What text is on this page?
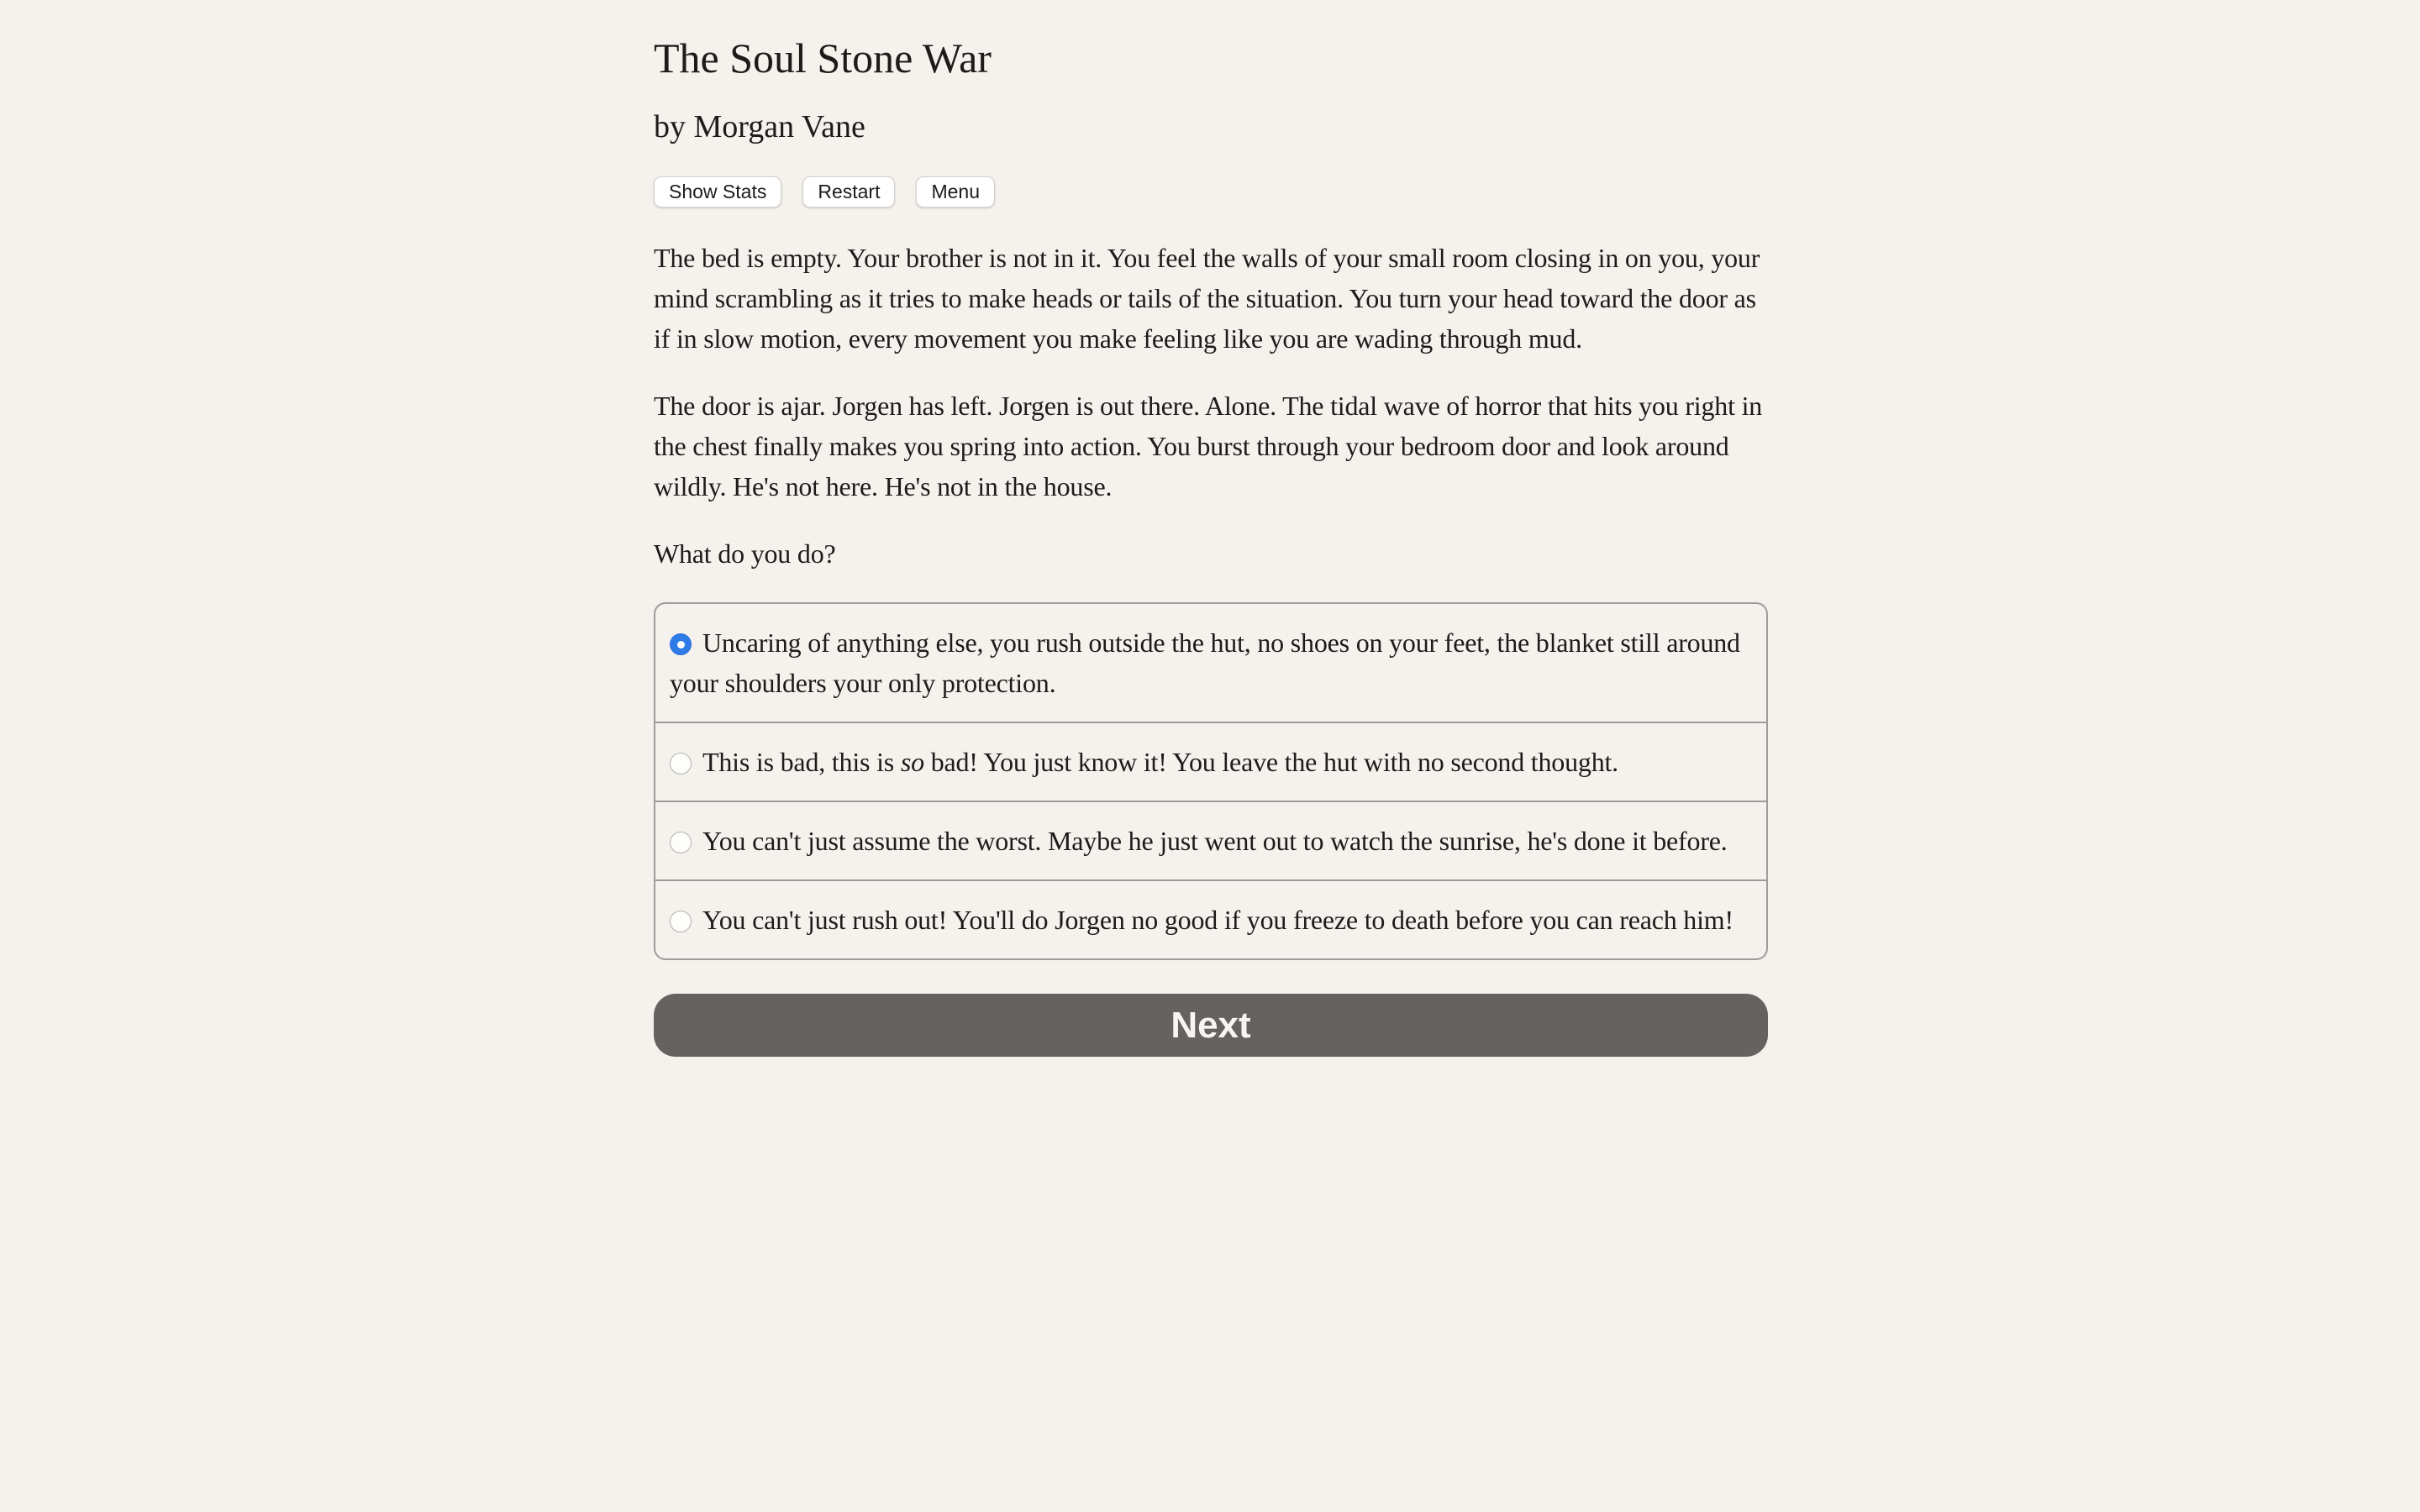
The Soul Stone War
by Morgan Vane
Show Stats	Restart	Menu

The bed is empty. Your brother is not in it. You feel the walls of your small room closing in on you, your mind scrambling as it tries to make heads or tails of the situation. You turn your head toward the door as if in slow motion, every movement you make feeling like you are wading through mud.

The door is ajar. Jorgen has left. Jorgen is out there. Alone. The tidal wave of horror that hits you right in the chest finally makes you spring into action. You burst through your bedroom door and look around wildly. He's not here. He's not in the house.

What do you do?

Uncaring of anything else, you rush outside the hut, no shoes on your feet, the blanket still around your shoulders your only protection.
This is bad, this is so bad! You just know it! You leave the hut with no second thought.
You can't just assume the worst. Maybe he just went out to watch the sunrise, he's done it before.
You can't just rush out! You'll do Jorgen no good if you freeze to death before you can reach him!
Next
